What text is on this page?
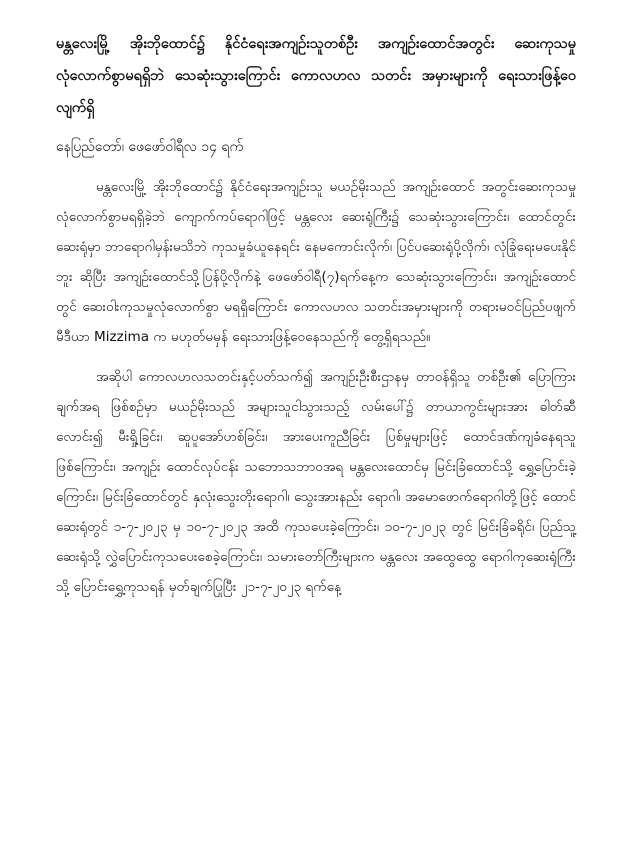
မန္တလေးမြို့ အိုးဘိုထောင်၌ နိုင်ငံရေးအကျဉ်းသူတစ်ဦး အကျဉ်းထောင်အတွင်း ဆေးကုသမှု လုံလောက်စွာမရရှိဘဲ သေဆုံးသွားကြောင်း ကောလဟလ သတင်း အမှားများကို ရေးသားဖြန့်ဝေလျက်ရှိ

နေပြည်တော်၊ ဖေဖော်ဝါရီလ ၁၄ ရက်

မန္တလေးမြို့ အိုးဘိုထောင်၌ နိုင်ငံရေးအကျဉ်းသူ မယဉ်မိုးသည် အကျဉ်းထောင် အတွင်းဆေးကုသမှု လုံလောက်စွာမရရှိခဲ့ဘဲ ကျောက်ကပ်ရောဂါဖြင့် မန္တလေး ဆေးရုံကြီး၌ သေဆုံးသွားကြောင်း၊ ထောင်တွင်းဆေးရုံမှာ ဘာရောဂါမှန်းမသိဘဲ ကုသမှုခံယူနေရင်း နေမကောင်းလိုက်၊ ပြင်ပဆေးရုံပို့လိုက်၊ လုံခြုံရေးမပေးနိုင်ဘူး ဆိုပြီး အကျဉ်းထောင်သို့ပြန်ပို့လိုက်နဲ့ ဖေဖော်ဝါရီ(၇)ရက်နေ့က သေဆုံးသွားကြောင်း၊ အကျဉ်းထောင်တွင် ဆေးဝါးကုသမှုလုံလောက်စွာ မရရှိကြောင်း ကောလဟလ သတင်းအမှားများကို တရားမဝင်ပြည်ပဖျက်မီဒီယာ Mizzima က မဟုတ်မမှန် ရေးသားဖြန့်ဝေနေသည်ကို တွေ့ရှိရသည်။

အဆိုပါ ကောလဟလသတင်းနှင့်ပတ်သက်၍ အကျဉ်းဦးစီးဌာနမှ တာဝန်ရှိသူ တစ်ဦး၏ ပြောကြားချက်အရ ဖြစ်စဉ်မှာ မယဉ်မိုးသည် အများသူငါသွားသည့် လမ်းပေါ်၌ တာယာကွင်းများအား ဓါတ်ဆီလောင်း၍ မီးရှို့ခြင်း၊ ဆူပူအော်ဟစ်ခြင်း၊ အားပေးကူညီခြင်း ပြစ်မှုများဖြင့် ထောင်ဒဏ်ကျခံနေရသူဖြစ်ကြောင်း၊ အကျဉ်း ထောင်လုပ်ငန်း သဘောသဘာဝအရ မန္တလေးထောင်မှ မြင်းခြံထောင်သို့ ရွှေ့ပြောင်းခဲ့ကြောင်း၊ မြင်းခြံထောင်တွင် နှလုံးသွေးတိုးရောဂါ၊ သွေးအားနည်း ရောဂါ၊ အမောဖောက်ရောဂါတို့ဖြင့် ထောင်ဆေးရုံတွင် ၁-၇-၂၀၂၃ မှ ၁၀-၇-၂၀၂၃ အထိ ကုသပေးခဲ့ကြောင်း၊ ၁၀-၇-၂၀၂၃ တွင် မြင်းခြံခရိုင်၊ ပြည်သူ့ဆေးရုံသို့ လွှဲပြောင်းကုသပေးစေခဲ့ကြောင်း၊ သမားတော်ကြီးများက မန္တလေး အထွေထွေ ရောဂါကုဆေးရုံကြီးသို့ ပြောင်းရွှေ့ကုသရန် မှတ်ချက်ပြုပြီး ၂၁-၇-၂၀၂၃ ရက်နေ့
